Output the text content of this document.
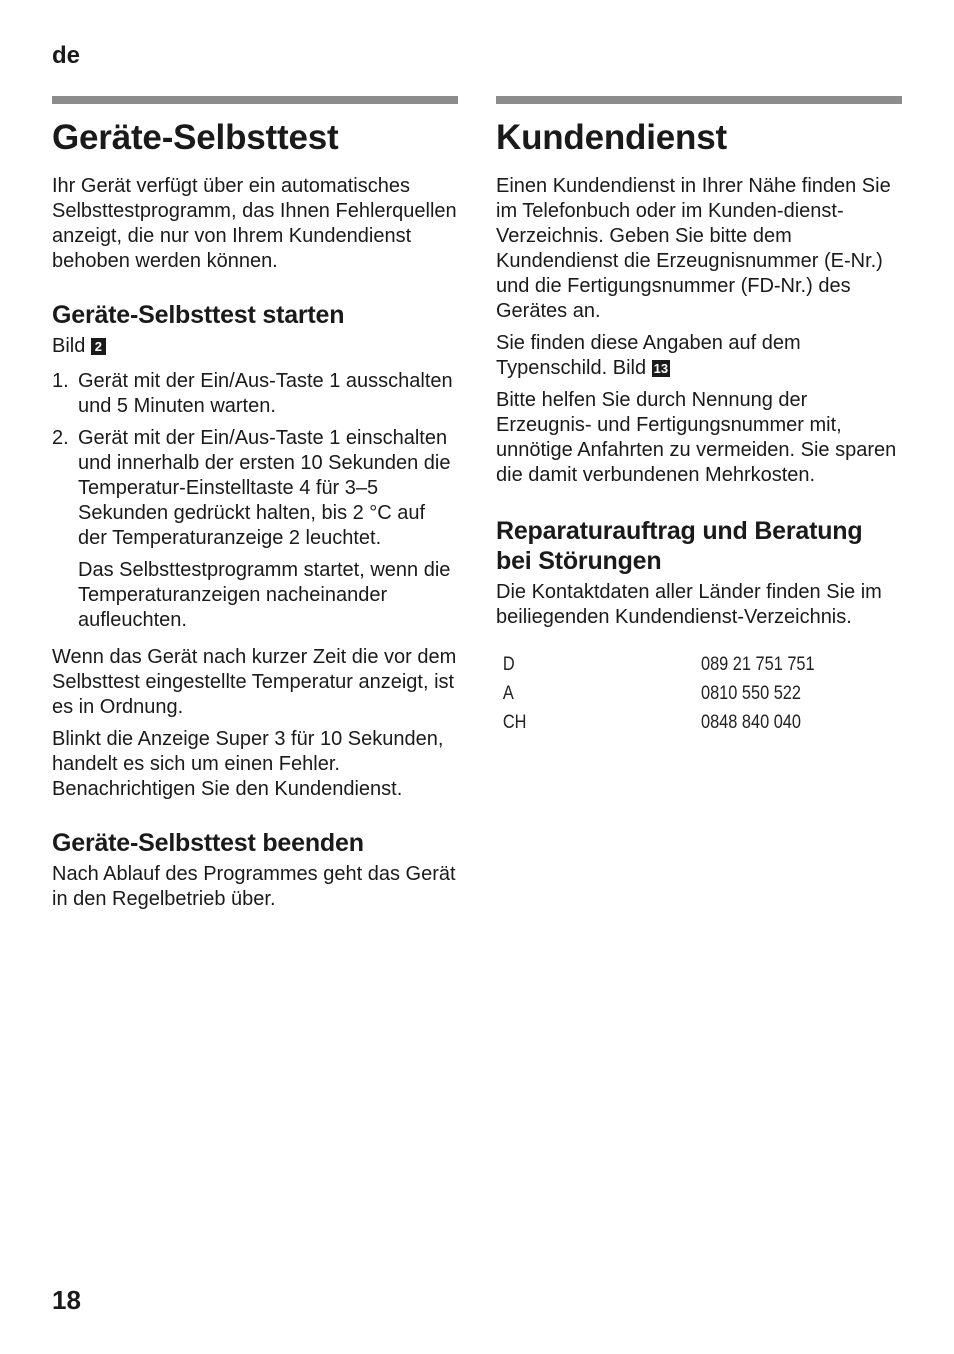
de
Geräte-Selbsttest

Ihr Gerät verfügt über ein automatisches Selbsttestprogramm, das Ihnen Fehlerquellen anzeigt, die nur von Ihrem Kundendienst behoben werden können.

Geräte-Selbsttest starten

Bild 2

1. Gerät mit der Ein/Aus-Taste 1 ausschalten und 5 Minuten warten.
2. Gerät mit der Ein/Aus-Taste 1 einschalten und innerhalb der ersten 10 Sekunden die Temperatur-Einstelltaste 4 für 3–5 Sekunden gedrückt halten, bis 2 °C auf der Temperaturanzeige 2 leuchtet.
Das Selbsttestprogramm startet, wenn die Temperaturanzeigen nacheinander aufleuchten.

Wenn das Gerät nach kurzer Zeit die vor dem Selbsttest eingestellte Temperatur anzeigt, ist es in Ordnung.

Blinkt die Anzeige Super 3 für 10 Sekunden, handelt es sich um einen Fehler.

Benachrichtigen Sie den Kundendienst.

Geräte-Selbsttest beenden

Nach Ablauf des Programmes geht das Gerät in den Regelbetrieb über.

Kundendienst

Einen Kundendienst in Ihrer Nähe finden Sie im Telefonbuch oder im Kunden-dienst-Verzeichnis. Geben Sie bitte dem Kundendienst die Erzeugnisnummer (E-Nr.) und die Fertigungsnummer (FD-Nr.) des Gerätes an.

Sie finden diese Angaben auf dem Typenschild. Bild 13

Bitte helfen Sie durch Nennung der Erzeugnis- und Fertigungsnummer mit, unnötige Anfahrten zu vermeiden. Sie sparen die damit verbundenen Mehrkosten.

Reparaturauftrag und Beratung bei Störungen

Die Kontaktdaten aller Länder finden Sie im beiliegenden Kundendienst-Verzeichnis.

D	089 21 751 751
A	0810 550 522
CH	0848 840 040
18
